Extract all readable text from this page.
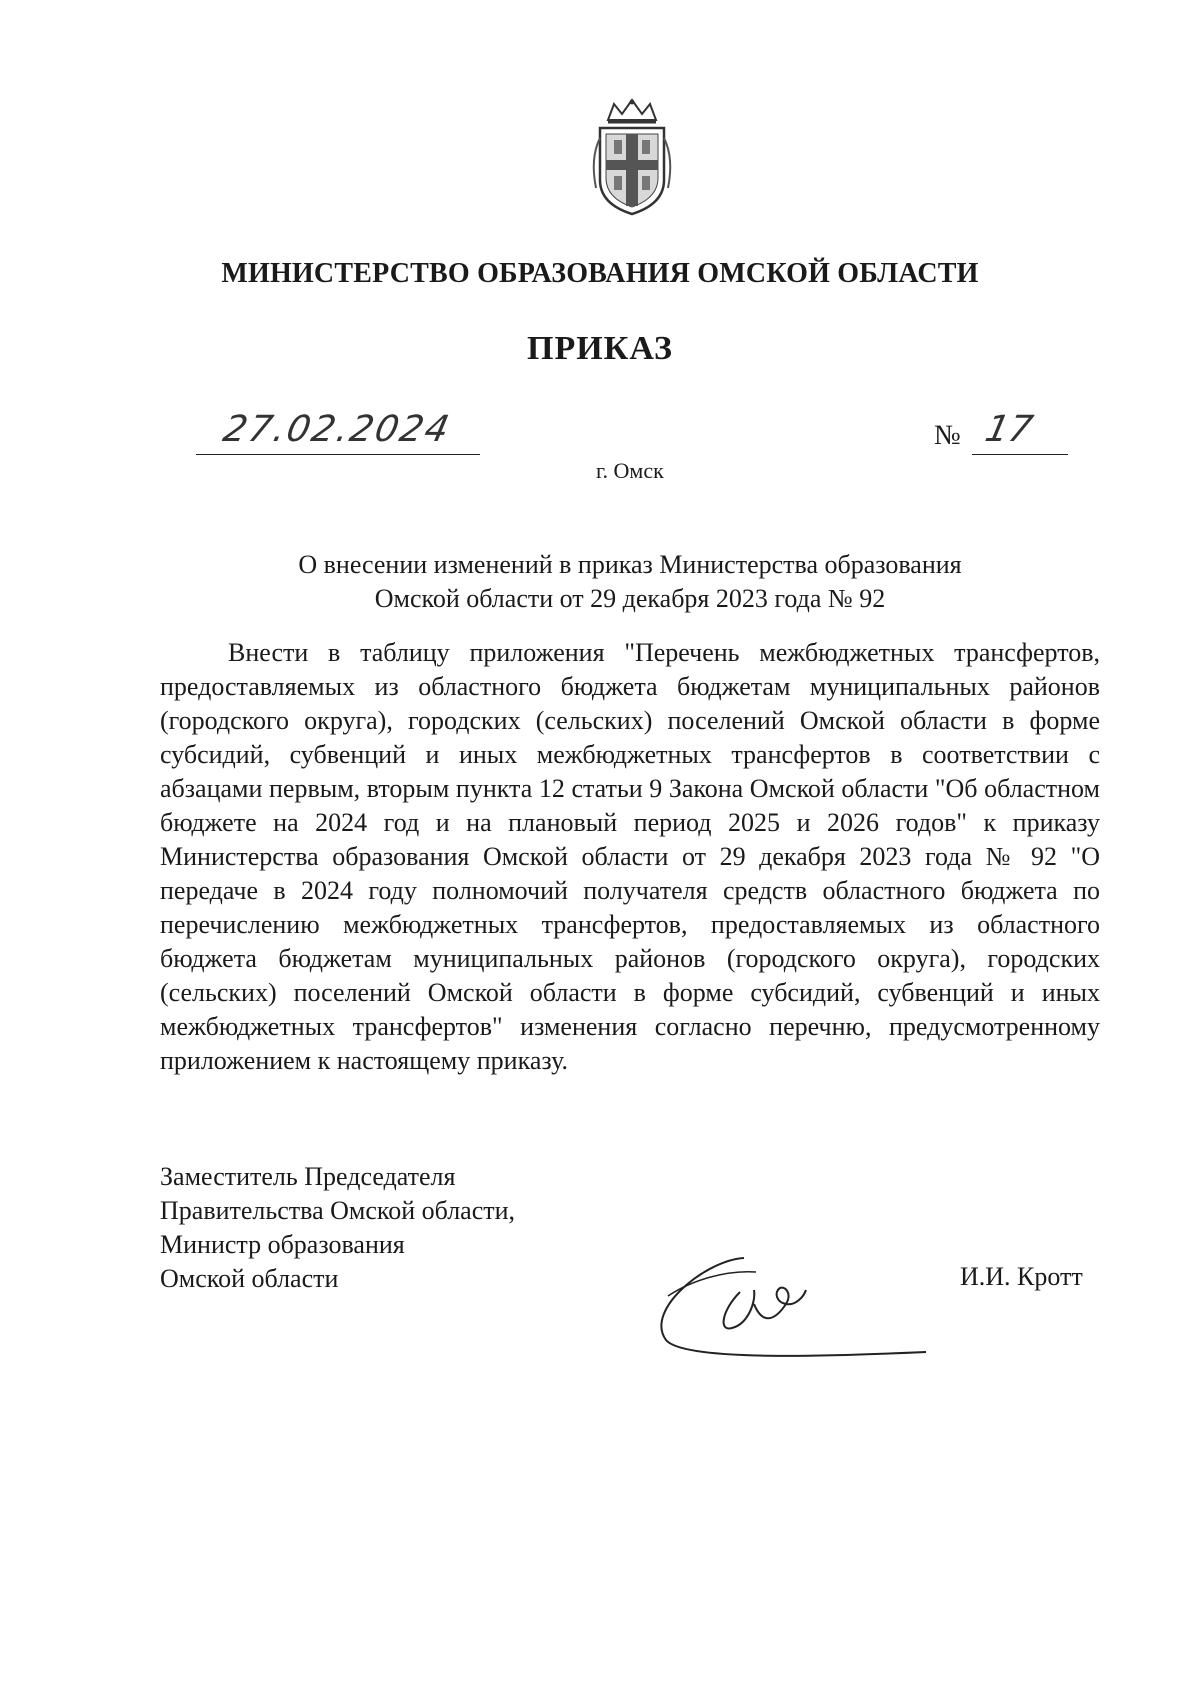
МИНИСТЕРСТВО ОБРАЗОВАНИЯ ОМСКОЙ ОБЛАСТИ
ПРИКАЗ
27.02.2024	№ 17
г. Омск
О внесении изменений в приказ Министерства образования
Омской области от 29 декабря 2023 года № 92

Внести в таблицу приложения "Перечень межбюджетных трансфертов, предоставляемых из областного бюджета бюджетам муниципальных районов (городского округа), городских (сельских) поселений Омской области в форме субсидий, субвенций и иных межбюджетных трансфертов в соответствии с абзацами первым, вторым пункта 12 статьи 9 Закона Омской области "Об областном бюджете на 2024 год и на плановый период 2025 и 2026 годов" к приказу Министерства образования Омской области от 29 декабря 2023 года № 92 "О передаче в 2024 году полномочий получателя средств областного бюджета по перечислению межбюджетных трансфертов, предоставляемых из областного бюджета бюджетам муниципальных районов (городского округа), городских (сельских) поселений Омской области в форме субсидий, субвенций и иных межбюджетных трансфертов" изменения согласно перечню, предусмотренному приложением к настоящему приказу.

Заместитель Председателя
Правительства Омской области,
Министр образования
Омской области	И.И. Кротт
